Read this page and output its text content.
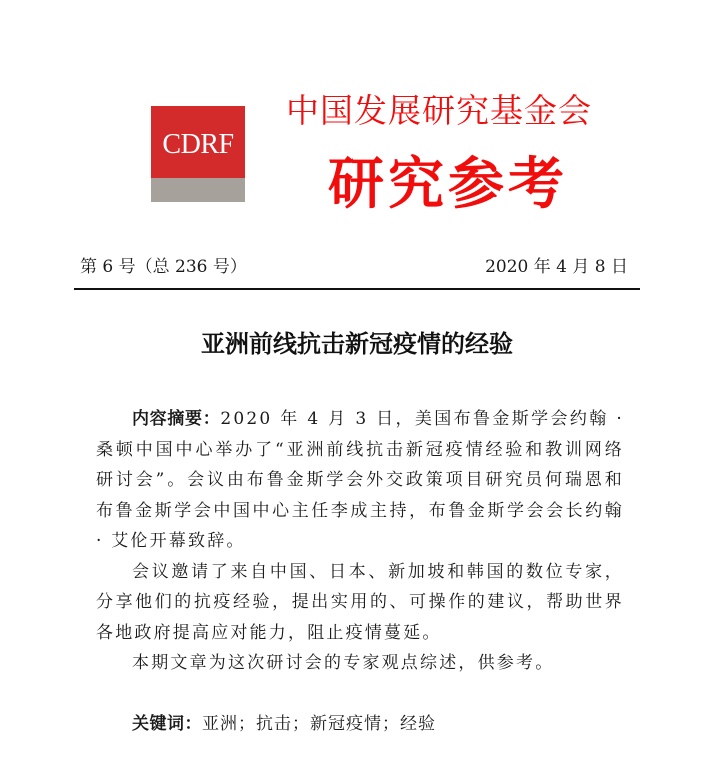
CDRF
中国发展研究基金会
研究参考
第 6 号（总 236 号）	2020 年 4 月 8 日
亚洲前线抗击新冠疫情的经验

内容摘要：2020 年 4 月 3 日，美国布鲁金斯学会约翰 · 桑顿中国中心举办了“亚洲前线抗击新冠疫情经验和教训网络研讨会”。会议由布鲁金斯学会外交政策项目研究员何瑞恩和布鲁金斯学会中国中心主任李成主持，布鲁金斯学会会长约翰 · 艾伦开幕致辞。

会议邀请了来自中国、日本、新加坡和韩国的数位专家，分享他们的抗疫经验，提出实用的、可操作的建议，帮助世界各地政府提高应对能力，阻止疫情蔓延。

本期文章为这次研讨会的专家观点综述，供参考。

关键词：亚洲；抗击；新冠疫情；经验
